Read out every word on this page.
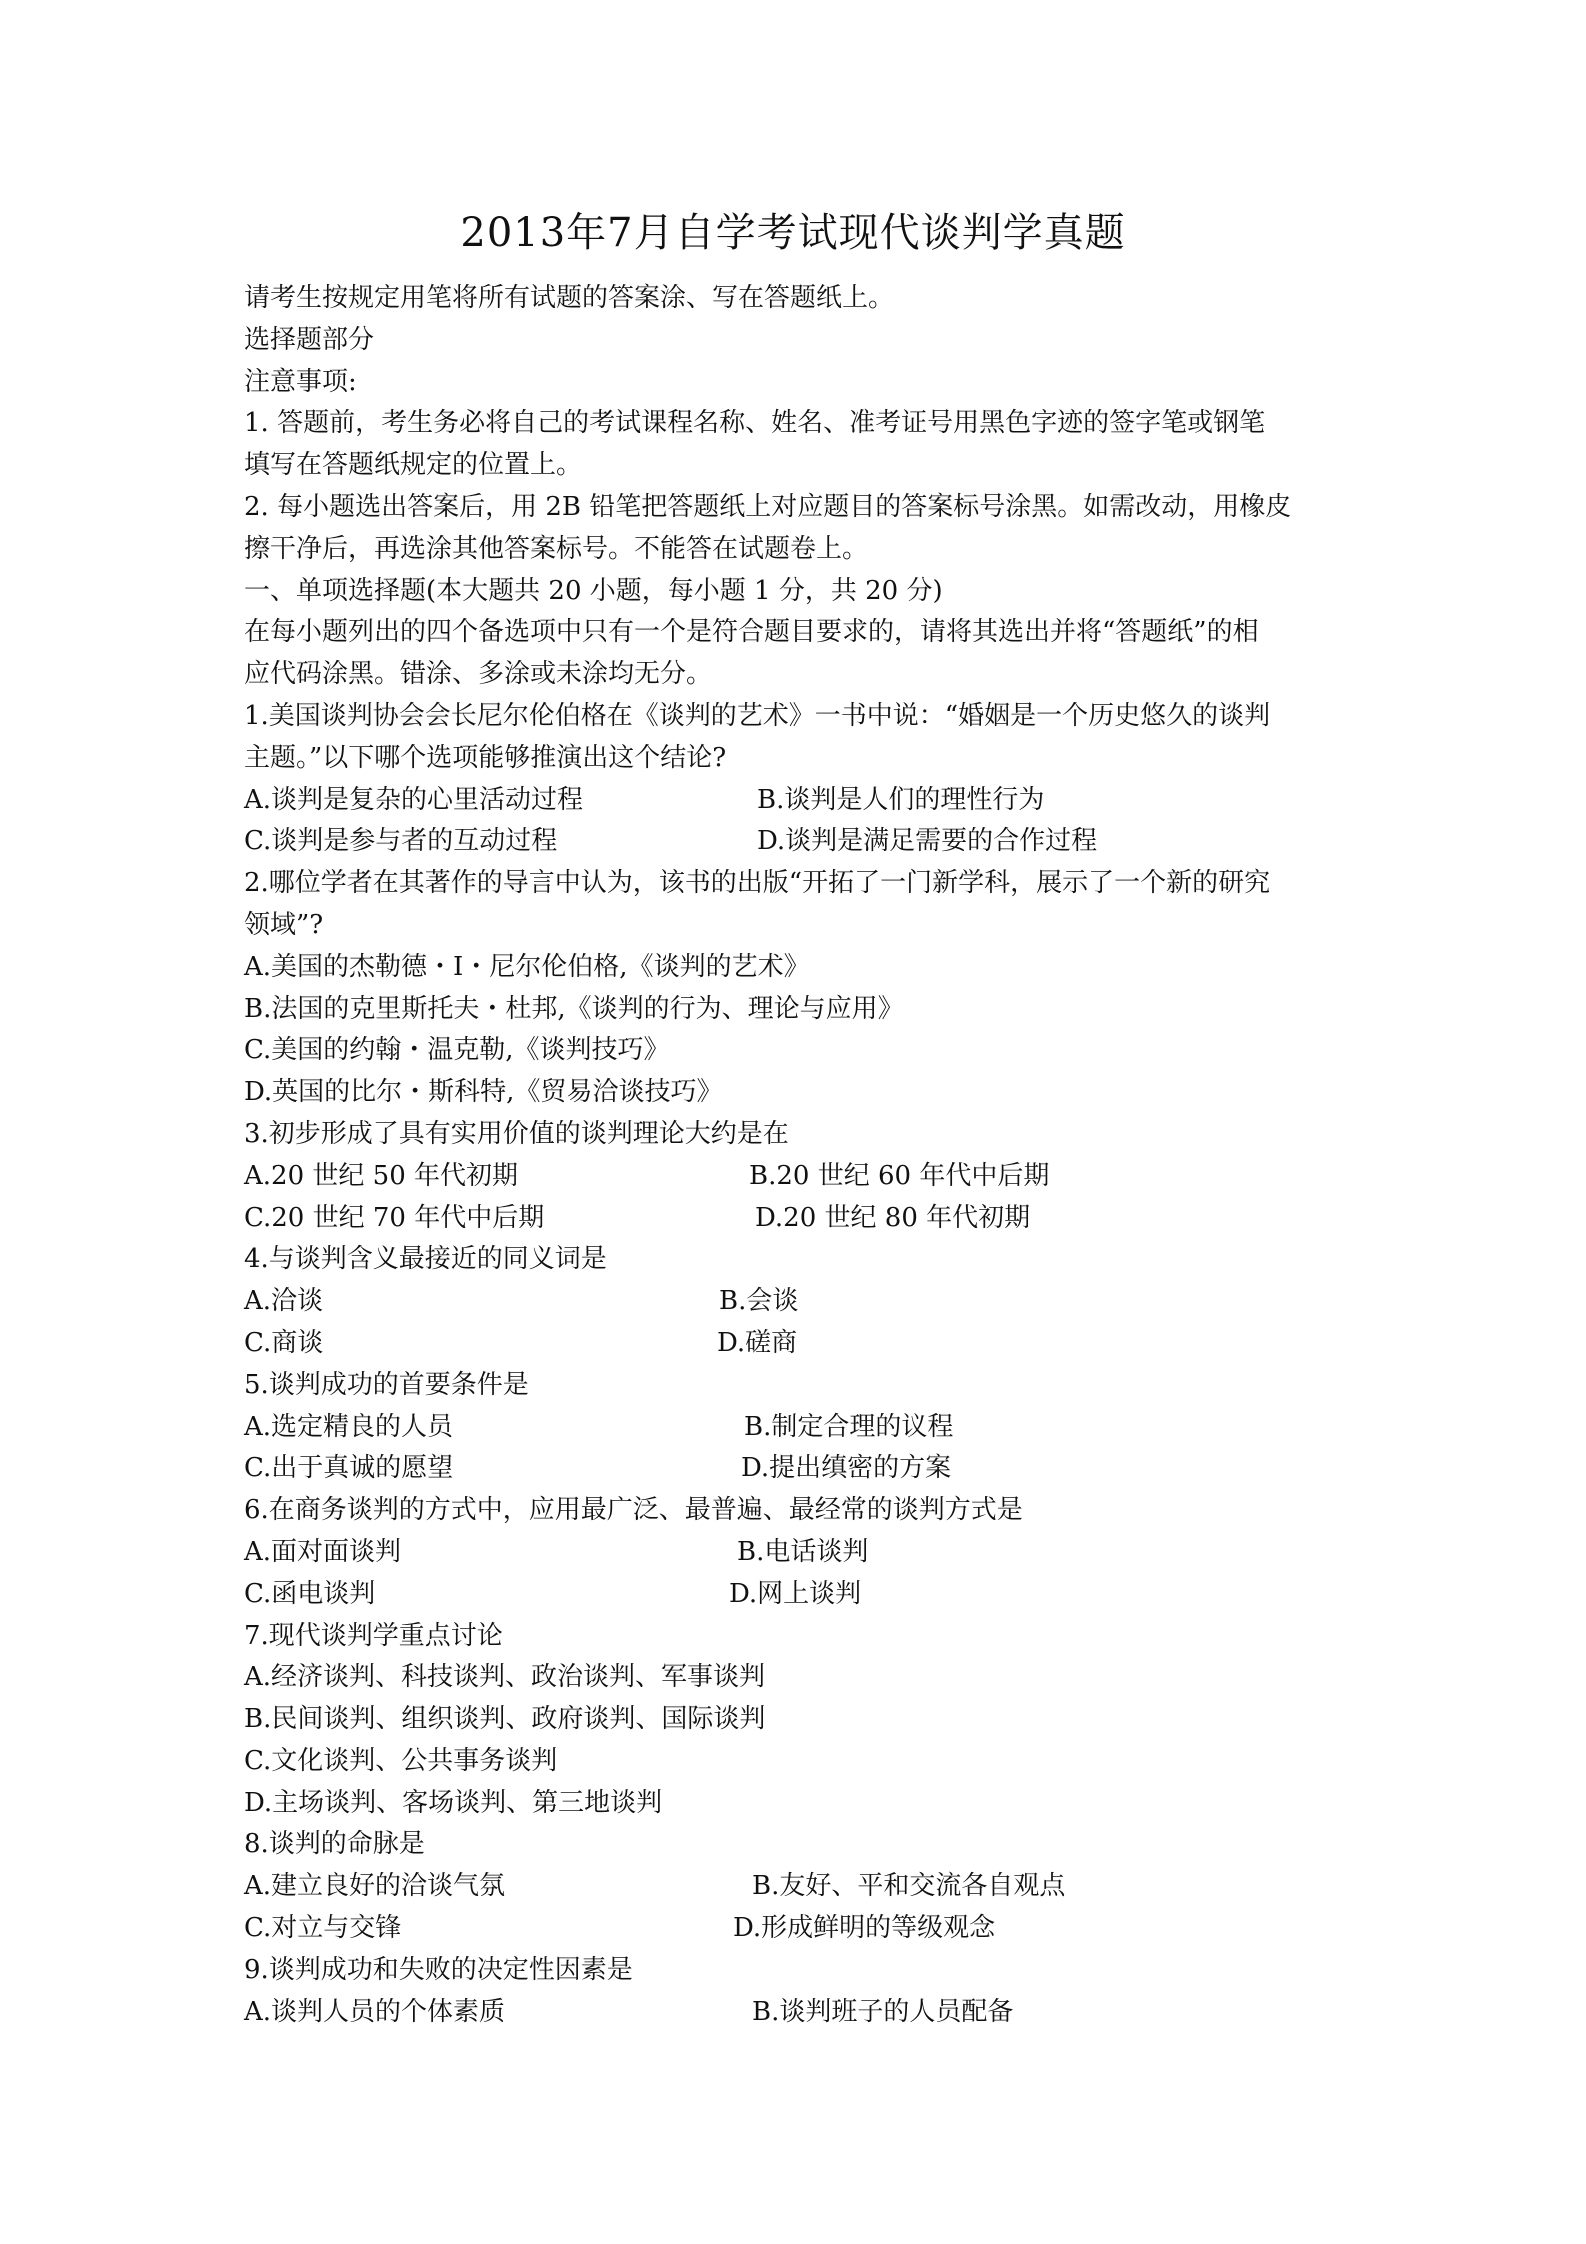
2013年7月自学考试现代谈判学真题
请考生按规定用笔将所有试题的答案涂、写在答题纸上。
选择题部分
注意事项:
1. 答题前，考生务必将自己的考试课程名称、姓名、准考证号用黑色字迹的签字笔或钢笔
填写在答题纸规定的位置上。
2. 每小题选出答案后，用 2B 铅笔把答题纸上对应题目的答案标号涂黑。如需改动，用橡皮
擦干净后，再选涂其他答案标号。不能答在试题卷上。
一、单项选择题(本大题共 20 小题，每小题 1 分，共 20 分)
在每小题列出的四个备选项中只有一个是符合题目要求的，请将其选出并将“答题纸”的相
应代码涂黑。错涂、多涂或未涂均无分。
1.美国谈判协会会长尼尔伦伯格在《谈判的艺术》一书中说：“婚姻是一个历史悠久的谈判
主题。”以下哪个选项能够推演出这个结论?
A.谈判是复杂的心里活动过程	B.谈判是人们的理性行为
C.谈判是参与者的互动过程	D.谈判是满足需要的合作过程
2.哪位学者在其著作的导言中认为，该书的出版“开拓了一门新学科，展示了一个新的研究
领域”?
A.美国的杰勒德・I・尼尔伦伯格,《谈判的艺术》
B.法国的克里斯托夫・杜邦,《谈判的行为、理论与应用》
C.美国的约翰・温克勒,《谈判技巧》
D.英国的比尔・斯科特,《贸易洽谈技巧》
3.初步形成了具有实用价值的谈判理论大约是在
A.20 世纪 50 年代初期	B.20 世纪 60 年代中后期
C.20 世纪 70 年代中后期	D.20 世纪 80 年代初期
4.与谈判含义最接近的同义词是
A.洽谈	B.会谈
C.商谈	D.磋商
5.谈判成功的首要条件是
A.选定精良的人员	B.制定合理的议程
C.出于真诚的愿望	D.提出缜密的方案
6.在商务谈判的方式中，应用最广泛、最普遍、最经常的谈判方式是
A.面对面谈判	B.电话谈判
C.函电谈判	D.网上谈判
7.现代谈判学重点讨论
A.经济谈判、科技谈判、政治谈判、军事谈判
B.民间谈判、组织谈判、政府谈判、国际谈判
C.文化谈判、公共事务谈判
D.主场谈判、客场谈判、第三地谈判
8.谈判的命脉是
A.建立良好的洽谈气氛	B.友好、平和交流各自观点
C.对立与交锋	D.形成鲜明的等级观念
9.谈判成功和失败的决定性因素是
A.谈判人员的个体素质	B.谈判班子的人员配备
